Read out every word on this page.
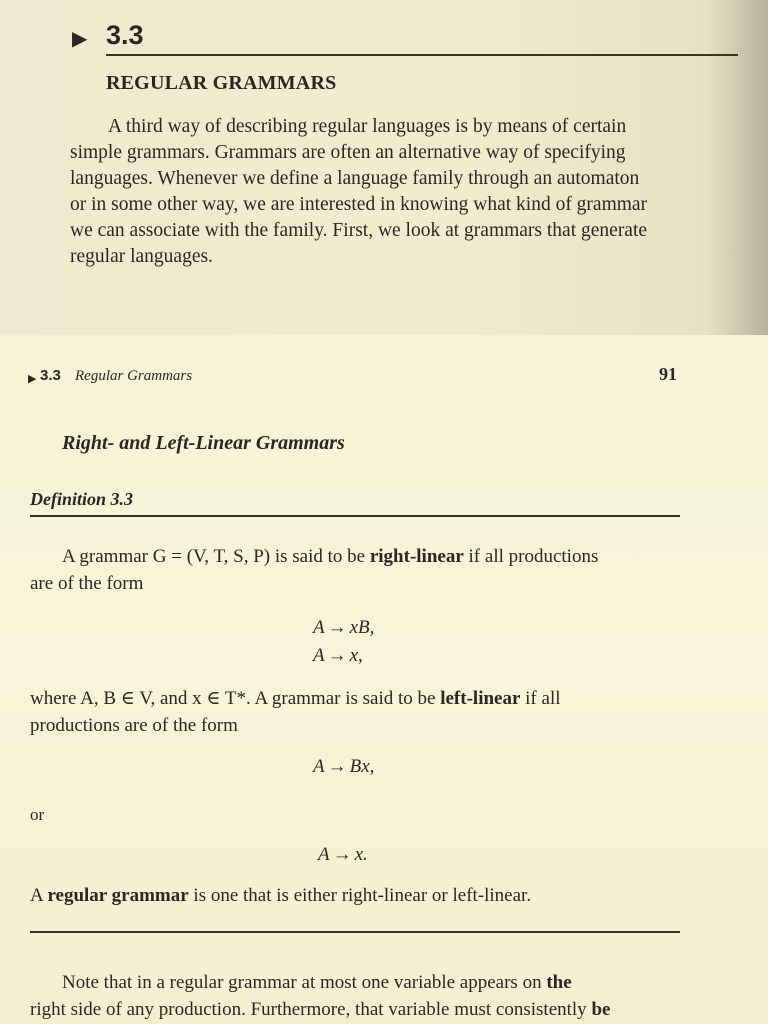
▶ 3.3
REGULAR GRAMMARS
A third way of describing regular languages is by means of certain
simple grammars. Grammars are often an alternative way of specifying
languages. Whenever we define a language family through an automaton
or in some other way, we are interested in knowing what kind of grammar
we can associate with the family. First, we look at grammars that generate
regular languages.
▶ 3.3 Regular Grammars	91
Right- and Left-Linear Grammars
Definition 3.3
A grammar G = (V, T, S, P) is said to be right-linear if all productions
are of the form
A → xB,
A → x,
where A, B ∈ V, and x ∈ T*. A grammar is said to be left-linear if all
productions are of the form
A → Bx,
or
A → x.
A regular grammar is one that is either right-linear or left-linear.
Note that in a regular grammar at most one variable appears on the
right side of any production. Furthermore, that variable must consistently be
